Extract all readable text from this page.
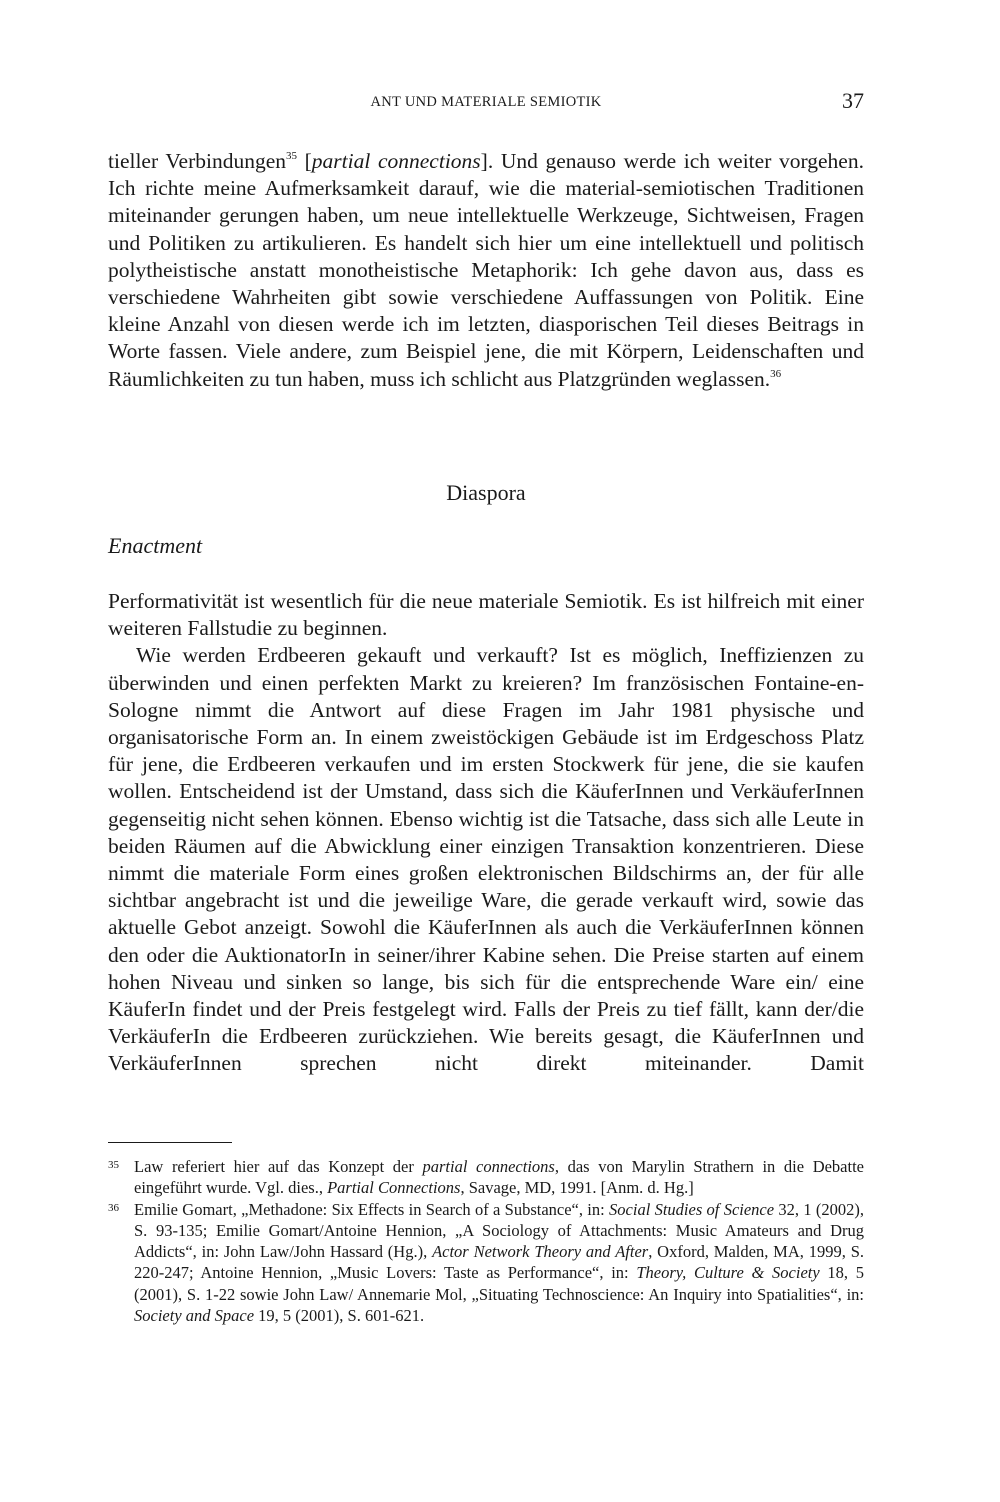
ANT UND MATERIALE SEMIOTIK	37

tieller Verbindungen$^{35}$ [partial connections]. Und genauso werde ich weiter vorgehen. Ich richte meine Aufmerksamkeit darauf, wie die material-semiotischen Traditionen miteinander gerungen haben, um neue intellektuelle Werkzeuge, Sichtweisen, Fragen und Politiken zu artikulieren. Es handelt sich hier um eine intellektuell und politisch polytheistische anstatt monotheistische Metaphorik: Ich gehe davon aus, dass es verschiedene Wahrheiten gibt sowie verschiedene Auffassungen von Politik. Eine kleine Anzahl von diesen werde ich im letzten, diasporischen Teil dieses Beitrags in Worte fassen. Viele andere, zum Beispiel jene, die mit Körpern, Leidenschaften und Räumlichkeiten zu tun haben, muss ich schlicht aus Platzgründen weglassen.$^{36}$

Diaspora
Enactment

Performativität ist wesentlich für die neue materiale Semiotik. Es ist hilfreich mit einer weiteren Fallstudie zu beginnen.

Wie werden Erdbeeren gekauft und verkauft? Ist es möglich, Ineffizienzen zu überwinden und einen perfekten Markt zu kreieren? Im französischen Fontaine-en-Sologne nimmt die Antwort auf diese Fragen im Jahr 1981 physische und organisatorische Form an. In einem zweistöckigen Gebäude ist im Erdgeschoss Platz für jene, die Erdbeeren verkaufen und im ersten Stockwerk für jene, die sie kaufen wollen. Entscheidend ist der Umstand, dass sich die KäuferInnen und VerkäuferInnen gegenseitig nicht sehen können. Ebenso wichtig ist die Tatsache, dass sich alle Leute in beiden Räumen auf die Abwicklung einer einzigen Transaktion konzentrieren. Diese nimmt die materiale Form eines großen elektronischen Bildschirms an, der für alle sichtbar angebracht ist und die jeweilige Ware, die gerade verkauft wird, sowie das aktuelle Gebot anzeigt. Sowohl die KäuferInnen als auch die VerkäuferInnen können den oder die AuktionatorIn in seiner/ihrer Kabine sehen. Die Preise starten auf einem hohen Niveau und sinken so lange, bis sich für die entsprechende Ware ein/ eine KäuferIn findet und der Preis festgelegt wird. Falls der Preis zu tief fällt, kann der/die VerkäuferIn die Erdbeeren zurückziehen. Wie bereits gesagt, die KäuferInnen und VerkäuferInnen sprechen nicht direkt miteinander. Damit

35 Law referiert hier auf das Konzept der partial connections, das von Marylin Strathern in die Debatte eingeführt wurde. Vgl. dies., Partial Connections, Savage, MD, 1991. [Anm. d. Hg.]

36 Emilie Gomart, „Methadone: Six Effects in Search of a Substance“, in: Social Studies of Science 32, 1 (2002), S. 93-135; Emilie Gomart/Antoine Hennion, „A Sociology of Attachments: Music Amateurs and Drug Addicts“, in: John Law/John Hassard (Hg.), Actor Network Theory and After, Oxford, Malden, MA, 1999, S. 220-247; Antoine Hennion, „Music Lovers: Taste as Performance“, in: Theory, Culture & Society 18, 5 (2001), S. 1-22 sowie John Law/ Annemarie Mol, „Situating Technoscience: An Inquiry into Spatialities“, in: Society and Space 19, 5 (2001), S. 601-621.
